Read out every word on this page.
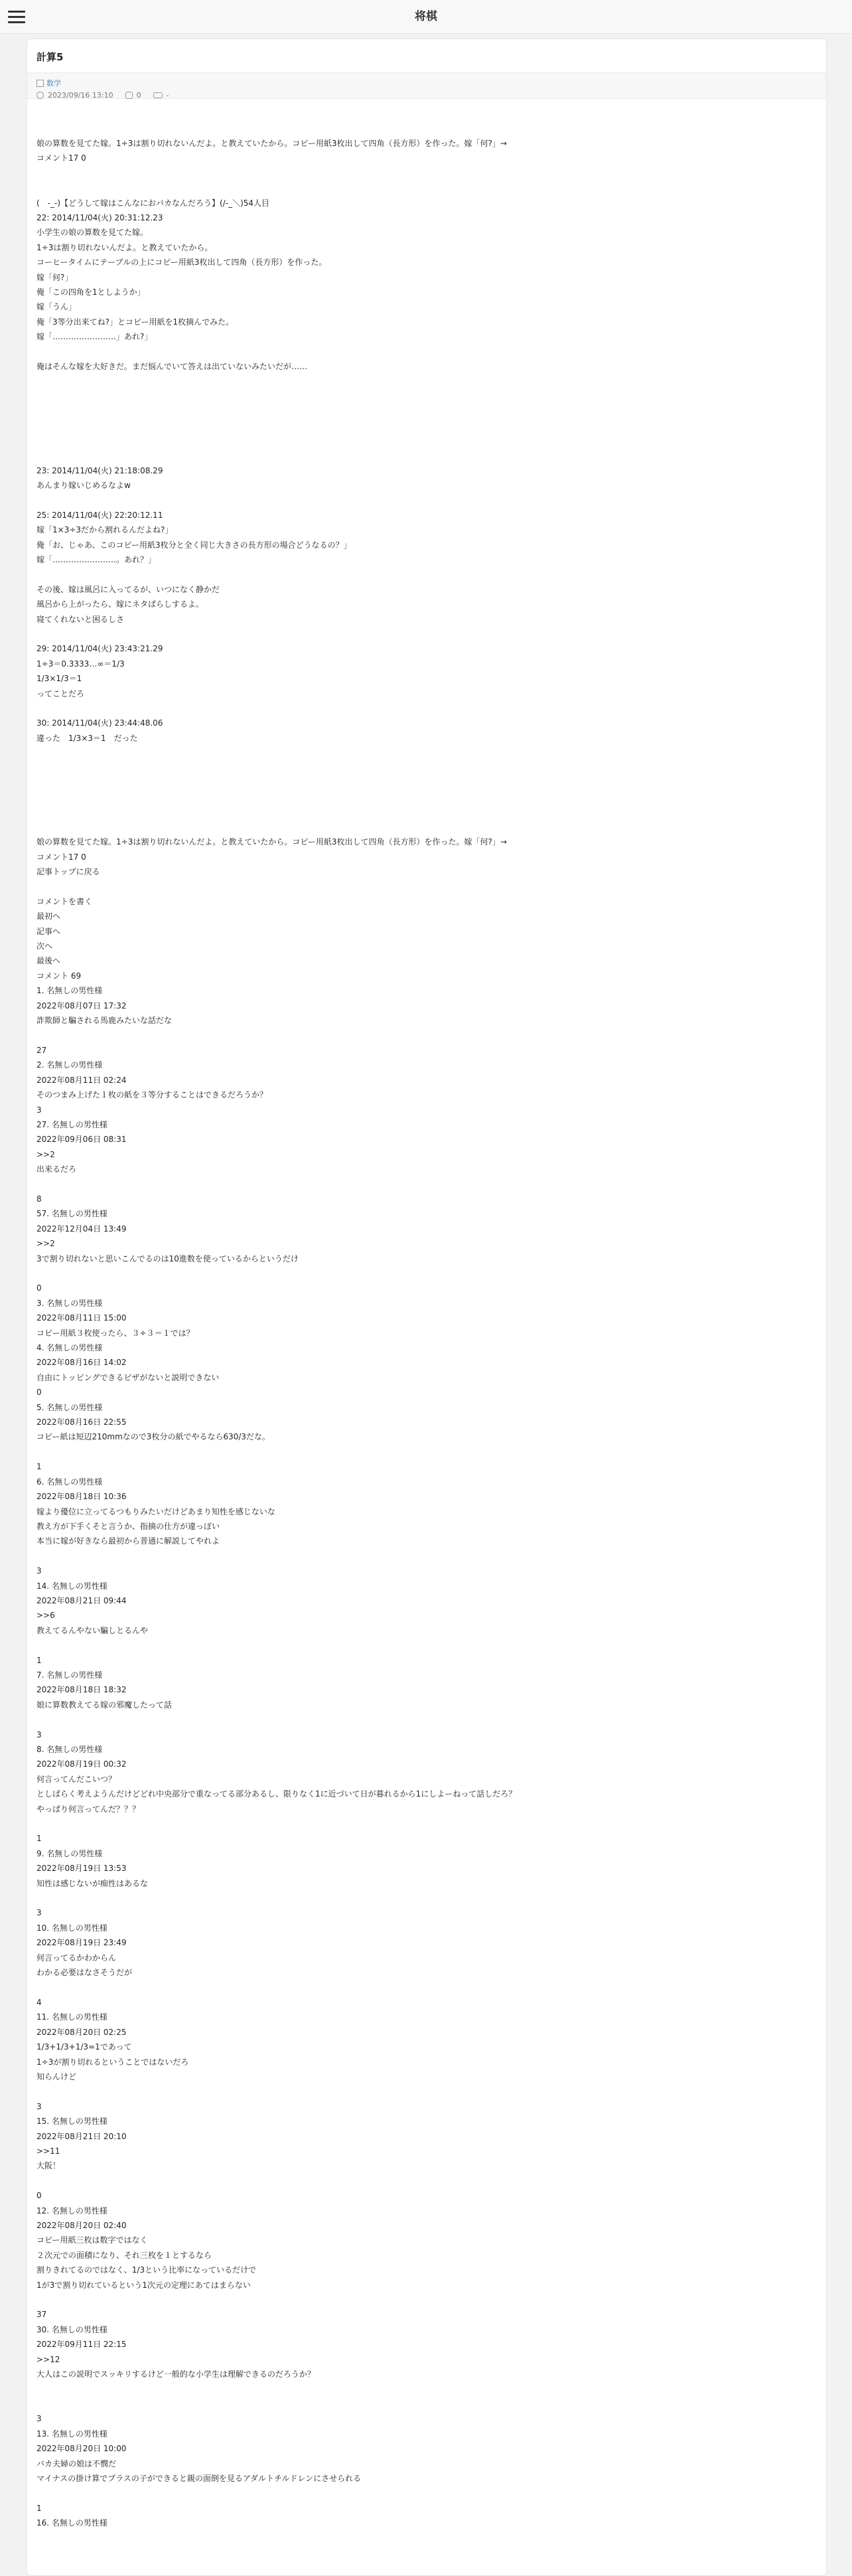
将棋
計算5
数学
2023/09/16 13:10	0	-
娘の算数を見てた嫁。1÷3は割り切れないんだよ。と教えていたから。コピー用紙3枚出して四角（長方形）を作った。嫁「何?」→
コメント17 0

(　-_-)【どうして嫁はこんなにおバカなんだろう】(/-_＼)54人目
22: 2014/11/04(火) 20:31:12.23
小学生の娘の算数を見てた嫁。
1÷3は割り切れないんだよ。と教えていたから。
コーヒータイムにテーブルの上にコピー用紙3枚出して四角（長方形）を作った。
嫁「何?」
俺「この四角を1としようか」
嫁「うん」
俺「3等分出来てね?」とコピー用紙を1枚摘んでみた。
嫁「……………………」あれ?」

俺はそんな嫁を大好きだ。まだ悩んでいて答えは出ていないみたいだが……
23: 2014/11/04(火) 21:18:08.29
あんまり嫁いじめるなよw

25: 2014/11/04(火) 22:20:12.11
嫁「1×3÷3だから割れるんだよね?」
俺「お、じゃあ、このコピー用紙3枚分と全く同じ大きさの長方形の場合どうなるの？」
嫁「……………………。あれ？」

その後、嫁は風呂に入ってるが、いつになく静かだ
風呂から上がったら、嫁にネタばらしするよ。
寝てくれないと困るしさ

29: 2014/11/04(火) 23:43:21.29
1÷3＝0.3333…∞＝1/3
1/3×1/3＝1
ってことだろ

30: 2014/11/04(火) 23:44:48.06
違った　1/3×3＝1　だった
娘の算数を見てた嫁。1÷3は割り切れないんだよ。と教えていたから。コピー用紙3枚出して四角（長方形）を作った。嫁「何?」→
コメント17 0
記事トップに戻る

コメントを書く
最初へ
記事へ
次へ
最後へ
コメント 69
1. 名無しの男性様
2022年08月07日 17:32
詐欺師と騙される馬鹿みたいな話だな

27
2. 名無しの男性様
2022年08月11日 02:24
そのつまみ上げた１枚の紙を３等分することはできるだろうか？
3
27. 名無しの男性様
2022年09月06日 08:31
>>2
出来るだろ

8
57. 名無しの男性様
2022年12月04日 13:49
>>2
3で割り切れないと思いこんでるのは10進数を使っているからというだけ

0
3. 名無しの男性様
2022年08月11日 15:00
コピー用紙３枚使ったら、３÷３＝１では？
4. 名無しの男性様
2022年08月16日 14:02
自由にトッピングできるピザがないと説明できない
0
5. 名無しの男性様
2022年08月16日 22:55
コピー紙は短辺210mmなので3枚分の紙でやるなら630/3だな。

1
6. 名無しの男性様
2022年08月18日 10:36
嫁より優位に立ってるつもりみたいだけどあまり知性を感じないな
教え方が下手くそと言うか、指摘の仕方が違っぽい
本当に嫁が好きなら最初から普通に解説してやれよ

3
14. 名無しの男性様
2022年08月21日 09:44
>>6
教えてるんやない騙しとるんや

1
7. 名無しの男性様
2022年08月18日 18:32
娘に算数教えてる嫁の邪魔したって話

3
8. 名無しの男性様
2022年08月19日 00:32
何言ってんだこいつ？
としばらく考えようんだけどどれ中央部分で重なってる部分あるし、限りなく1に近づいて日が暮れるから1にしよーねって話しだろ？
やっぱり何言ってんだ？？？

1
9. 名無しの男性様
2022年08月19日 13:53
知性は感じないが痴性はあるな

3
10. 名無しの男性様
2022年08月19日 23:49
何言ってるかわからん
わかる必要はなさそうだが

4
11. 名無しの男性様
2022年08月20日 02:25
1/3+1/3+1/3=1であって
1÷3が割り切れるということではないだろ
知らんけど

3
15. 名無しの男性様
2022年08月21日 20:10
>>11
大阪！

0
12. 名無しの男性様
2022年08月20日 02:40
コピー用紙三枚は数字ではなく
２次元での面積になり、それ三枚を１とするなら
割りきれてるのではなく、1/3という比率になっているだけで
1が3で割り切れているという1次元の定理にあてはまらない

37
30. 名無しの男性様
2022年09月11日 22:15
>>12
大人はこの説明でスッキリするけど一般的な小学生は理解できるのだろうか？

3
13. 名無しの男性様
2022年08月20日 10:00
バカ夫婦の娘は不憫だ
マイナスの掛け算でプラスの子ができると親の面倒を見るアダルトチルドレンにさせられる

1
16. 名無しの男性様
